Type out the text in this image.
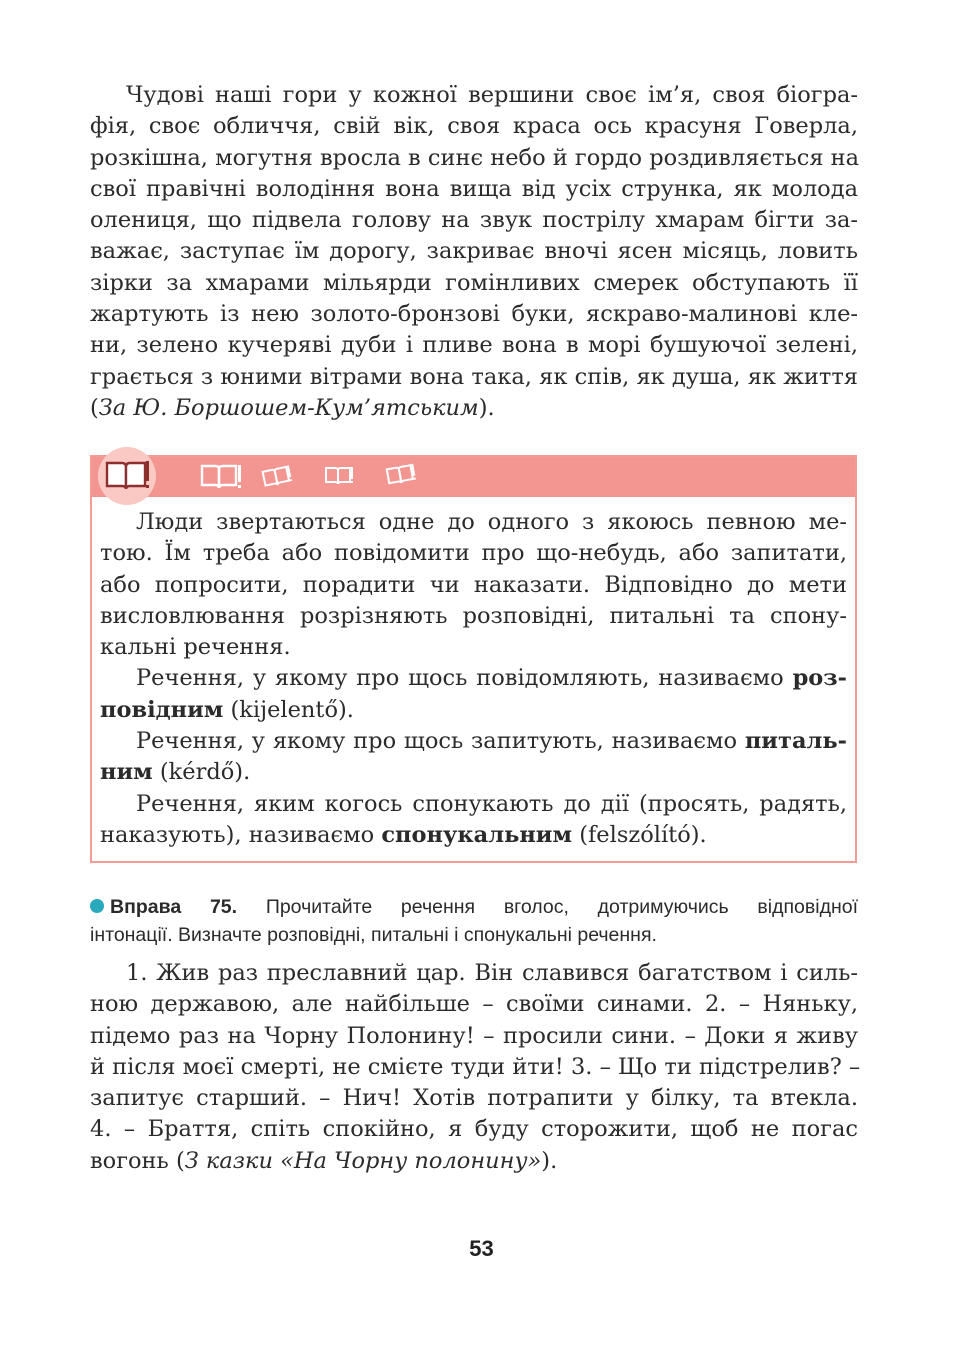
Чудові наші гори у кожної вершини своє ім’я, своя біогра-
фія, своє обличчя, свій вік, своя краса ось красуня Говерла,
розкішна, могутня вросла в синє небо й гордо роздивляється на
свої правічні володіння вона вища від усіх струнка, як молода
олениця, що підвела голову на звук пострілу хмарам бігти за-
важає, заступає їм дорогу, закриває вночі ясен місяць, ловить
зірки за хмарами мільярди гомінливих смерек обступають її
жартують із нею золото-бронзові буки, яскраво-малинові кле-
ни, зелено кучеряві дуби і пливе вона в морі бушуючої зелені,
грається з юними вітрами вона така, як спів, як душа, як життя
(За Ю. Боршошем-Кум’ятським).
Люди звертаються одне до одного з якоюсь певною ме-
тою. Їм треба або повідомити про що-небудь, або запитати,
або попросити, порадити чи наказати. Відповідно до мети
висловлювання розрізняють розповідні, питальні та спону-
кальні речення.
Речення, у якому про щось повідомляють, називаємо роз-
повідним (kijelentő).
Речення, у якому про щось запитують, називаємо питаль-
ним (kérdő).
Речення, яким когось спонукають до дії (просять, радять,
наказують), називаємо спонукальним (felszólító).
Вправа 75. Прочитайте речення вголос, дотримуючись відповідної
інтонації. Визначте розповідні, питальні і спонукальні речення.
1. Жив раз преславний цар. Він славився багатством і силь-
ною державою, але найбільше – своїми синами. 2. – Няньку,
підемо раз на Чорну Полонину! – просили сини. – Доки я живу
й після моєї смерті, не смієте туди йти! 3. – Що ти підстрелив? –
запитує старший. – Нич! Хотів потрапити у білку, та втекла.
4. – Браття, спіть спокійно, я буду сторожити, щоб не погас
вогонь (З казки «На Чорну полонину»).
53
